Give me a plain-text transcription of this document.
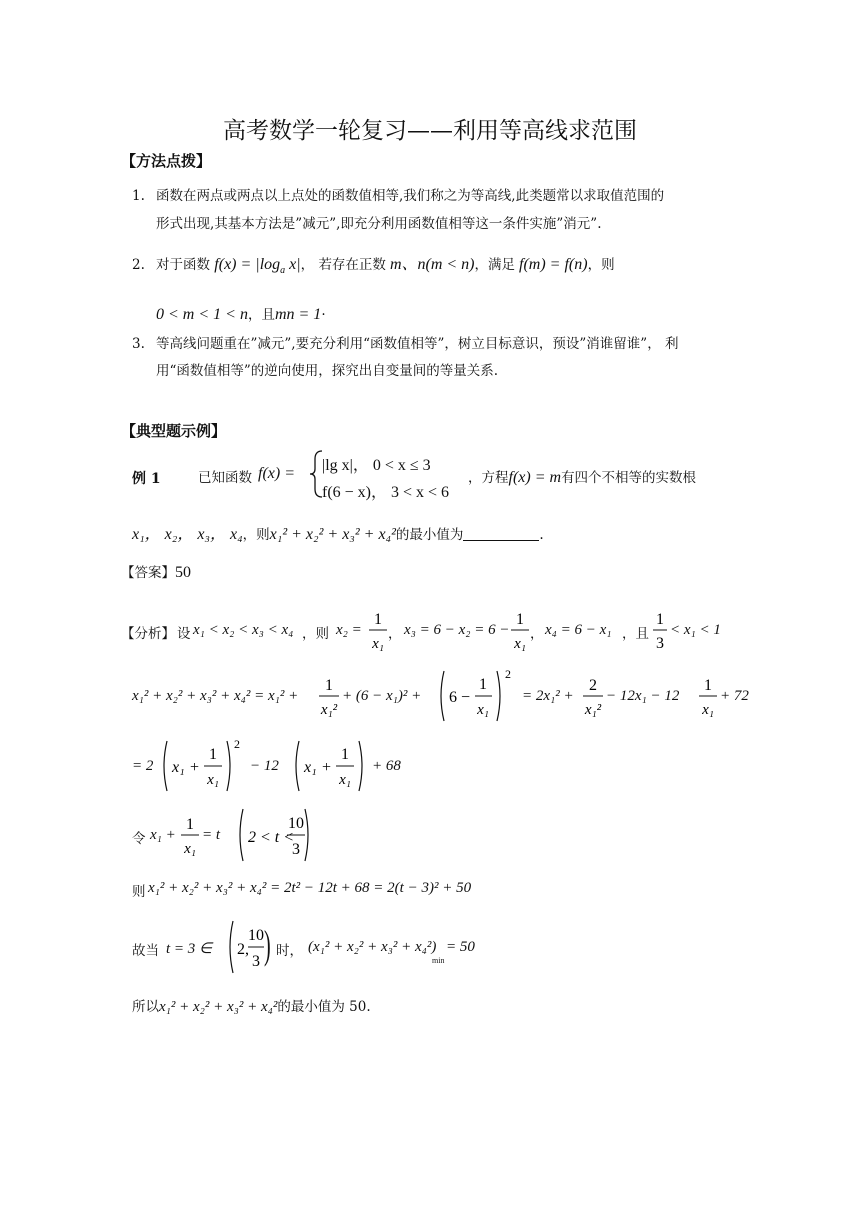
高考数学一轮复习——利用等高线求范围
【方法点拨】
1. 函数在两点或两点以上点处的函数值相等,我们称之为等高线,此类题常以求取值范围的
形式出现,其基本方法是”减元”,即充分利用函数值相等这一条件实施”消元”.
2. 对于函数 $f(x) = |\log_a$ x|， 若存在正数 m、n(m < n)，满足 f(m) = f(n)，则
0 < m < 1 < n，且mn = 1·
3. 等高线问题重在”减元”,要充分利用“函数值相等”，树立目标意识，预设”消谁留谁”， 利
用“函数值相等”的逆向使用，探究出自变量间的等量关系.
【典型题示例】
例 1	已知函数 f(x) = |lg x|， 0 < x ≤ 3
f(6 − x)， 3 < x < 6
，方程f(x) = m有四个不相等的实数根
x₁， x₂， x₃， x₄，则x₁² + x₂² + x₃² + x₄²的最小值为	.
【答案】50
【分析】 设 x₁ < x₂ < x₃ < x₄ ，则 x₂ =
1
x₁
， x₃ = 6 − x₂ = 6 −
1
x₁
， x₄ = 6 − x₁ ，且
1
3
< x₁ < 1
x₁² + x₂² + x₃² + x₄² = x₁² +
1
x₁²
+ (6 − x₁)² + 6 −
1
x₁
2
= 2x₁² +
2
x₁²
− 12x₁ − 12
1
x₁
+ 72
= 2 x₁ +
1
x₁
2
− 12 x₁ +
1
x₁
+ 68
令 x₁ +
1
x₁
= t 2 < t <
10
3
则 x₁² + x₂² + x₃² + x₄² = 2t² − 12t + 68 = 2(t − 3)² + 50
故当 t = 3 ∈ 2,
10
3 ) 时， (x₁² + x₂² + x₃² + x₄²)
min
= 50
所以x₁² + x₂² + x₃² + x₄²的最小值为 50.
